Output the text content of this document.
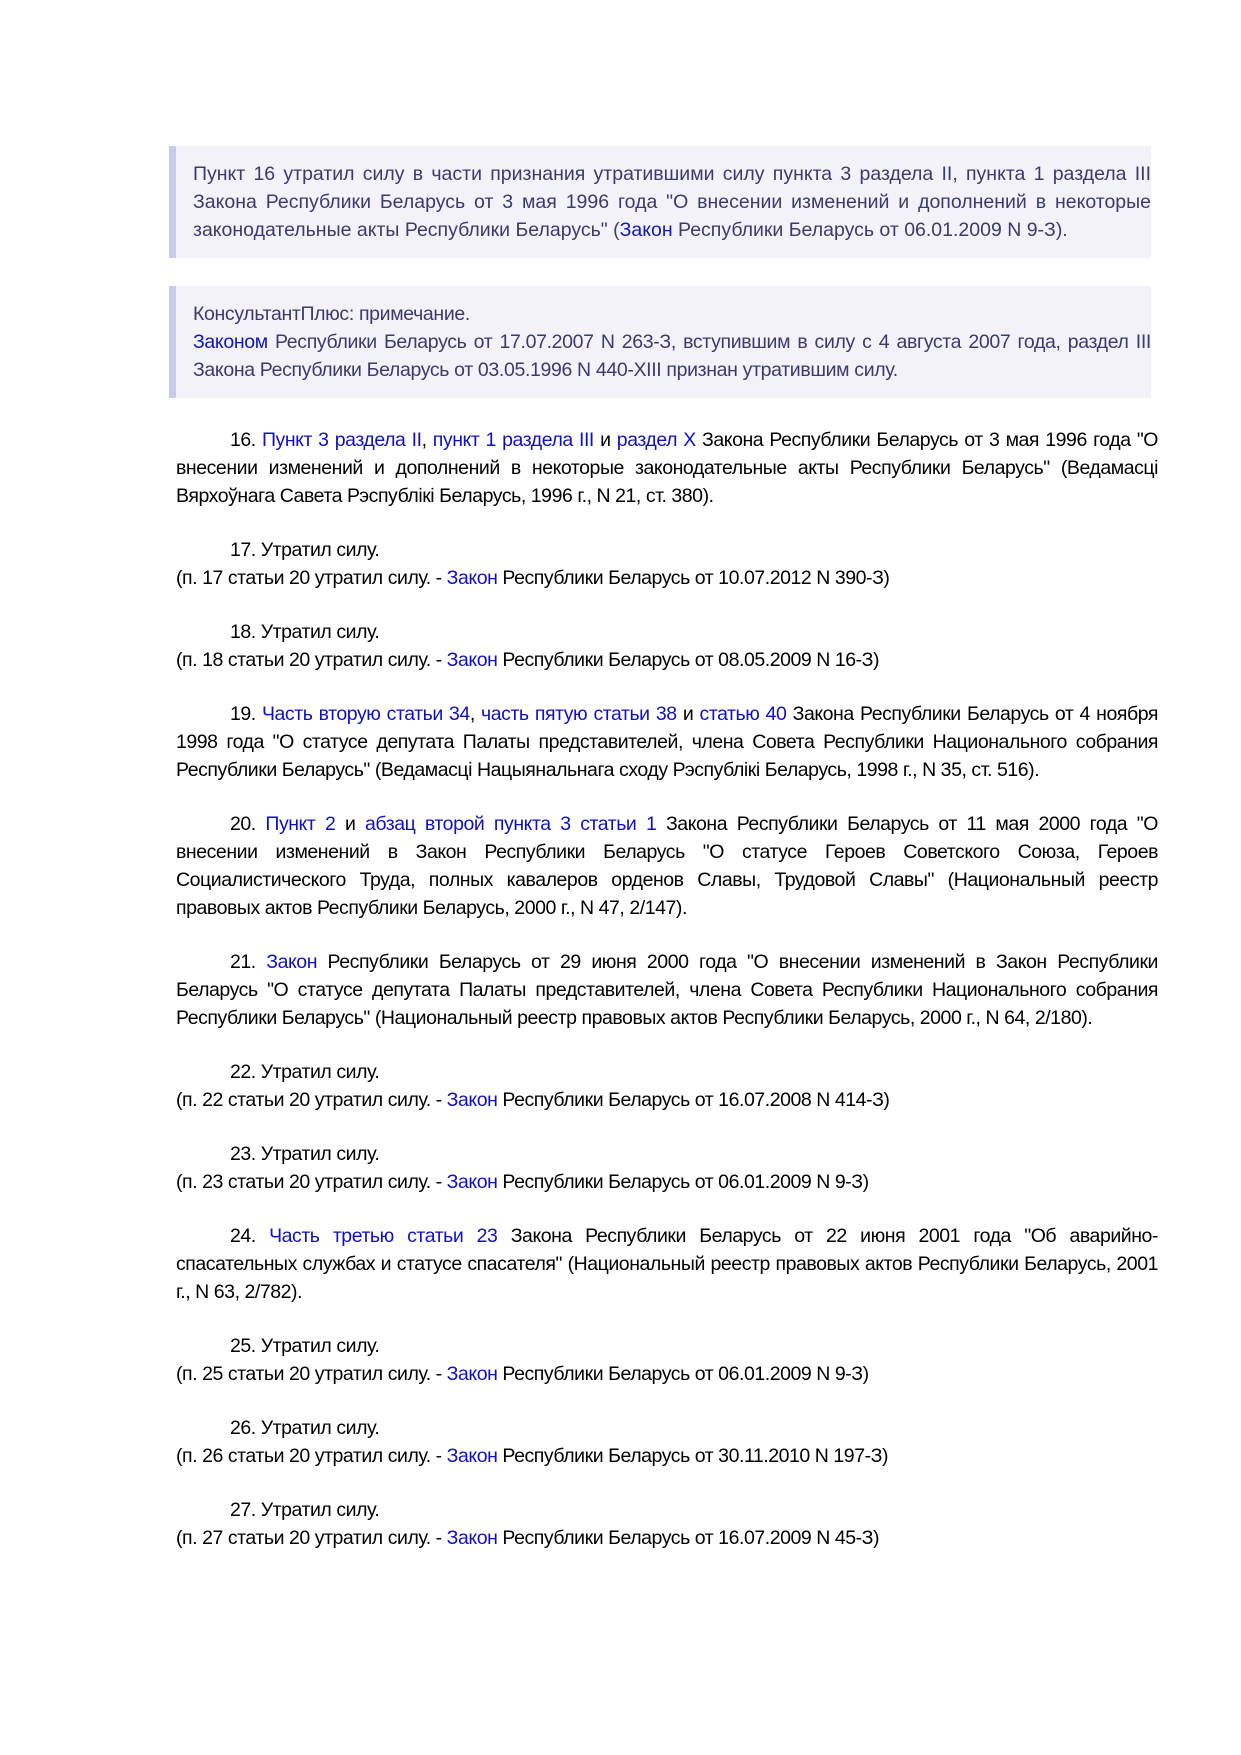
Пункт 16 утратил силу в части признания утратившими силу пункта 3 раздела II, пункта 1 раздела III Закона Республики Беларусь от 3 мая 1996 года "О внесении изменений и дополнений в некоторые законодательные акты Республики Беларусь" (Закон Республики Беларусь от 06.01.2009 N 9-З).

КонсультантПлюс: примечание.

Законом Республики Беларусь от 17.07.2007 N 263-З, вступившим в силу с 4 августа 2007 года, раздел III Закона Республики Беларусь от 03.05.1996 N 440-XIII признан утратившим силу.

16. Пункт 3 раздела II, пункт 1 раздела III и раздел X Закона Республики Беларусь от 3 мая 1996 года "О внесении изменений и дополнений в некоторые законодательные акты Республики Беларусь" (Ведамасці Вярхоўнага Савета Рэспублікі Беларусь, 1996 г., N 21, ст. 380).

17. Утратил силу.

(п. 17 статьи 20 утратил силу. - Закон Республики Беларусь от 10.07.2012 N 390-З)

18. Утратил силу.

(п. 18 статьи 20 утратил силу. - Закон Республики Беларусь от 08.05.2009 N 16-З)

19. Часть вторую статьи 34, часть пятую статьи 38 и статью 40 Закона Республики Беларусь от 4 ноября 1998 года "О статусе депутата Палаты представителей, члена Совета Республики Национального собрания Республики Беларусь" (Ведамасці Нацыянальнага сходу Рэспублікі Беларусь, 1998 г., N 35, ст. 516).

20. Пункт 2 и абзац второй пункта 3 статьи 1 Закона Республики Беларусь от 11 мая 2000 года "О внесении изменений в Закон Республики Беларусь "О статусе Героев Советского Союза, Героев Социалистического Труда, полных кавалеров орденов Славы, Трудовой Славы" (Национальный реестр правовых актов Республики Беларусь, 2000 г., N 47, 2/147).

21. Закон Республики Беларусь от 29 июня 2000 года "О внесении изменений в Закон Республики Беларусь "О статусе депутата Палаты представителей, члена Совета Республики Национального собрания Республики Беларусь" (Национальный реестр правовых актов Республики Беларусь, 2000 г., N 64, 2/180).

22. Утратил силу.

(п. 22 статьи 20 утратил силу. - Закон Республики Беларусь от 16.07.2008 N 414-З)

23. Утратил силу.

(п. 23 статьи 20 утратил силу. - Закон Республики Беларусь от 06.01.2009 N 9-З)

24. Часть третью статьи 23 Закона Республики Беларусь от 22 июня 2001 года "Об аварийно-спасательных службах и статусе спасателя" (Национальный реестр правовых актов Республики Беларусь, 2001 г., N 63, 2/782).

25. Утратил силу.

(п. 25 статьи 20 утратил силу. - Закон Республики Беларусь от 06.01.2009 N 9-З)

26. Утратил силу.

(п. 26 статьи 20 утратил силу. - Закон Республики Беларусь от 30.11.2010 N 197-З)

27. Утратил силу.

(п. 27 статьи 20 утратил силу. - Закон Республики Беларусь от 16.07.2009 N 45-З)
